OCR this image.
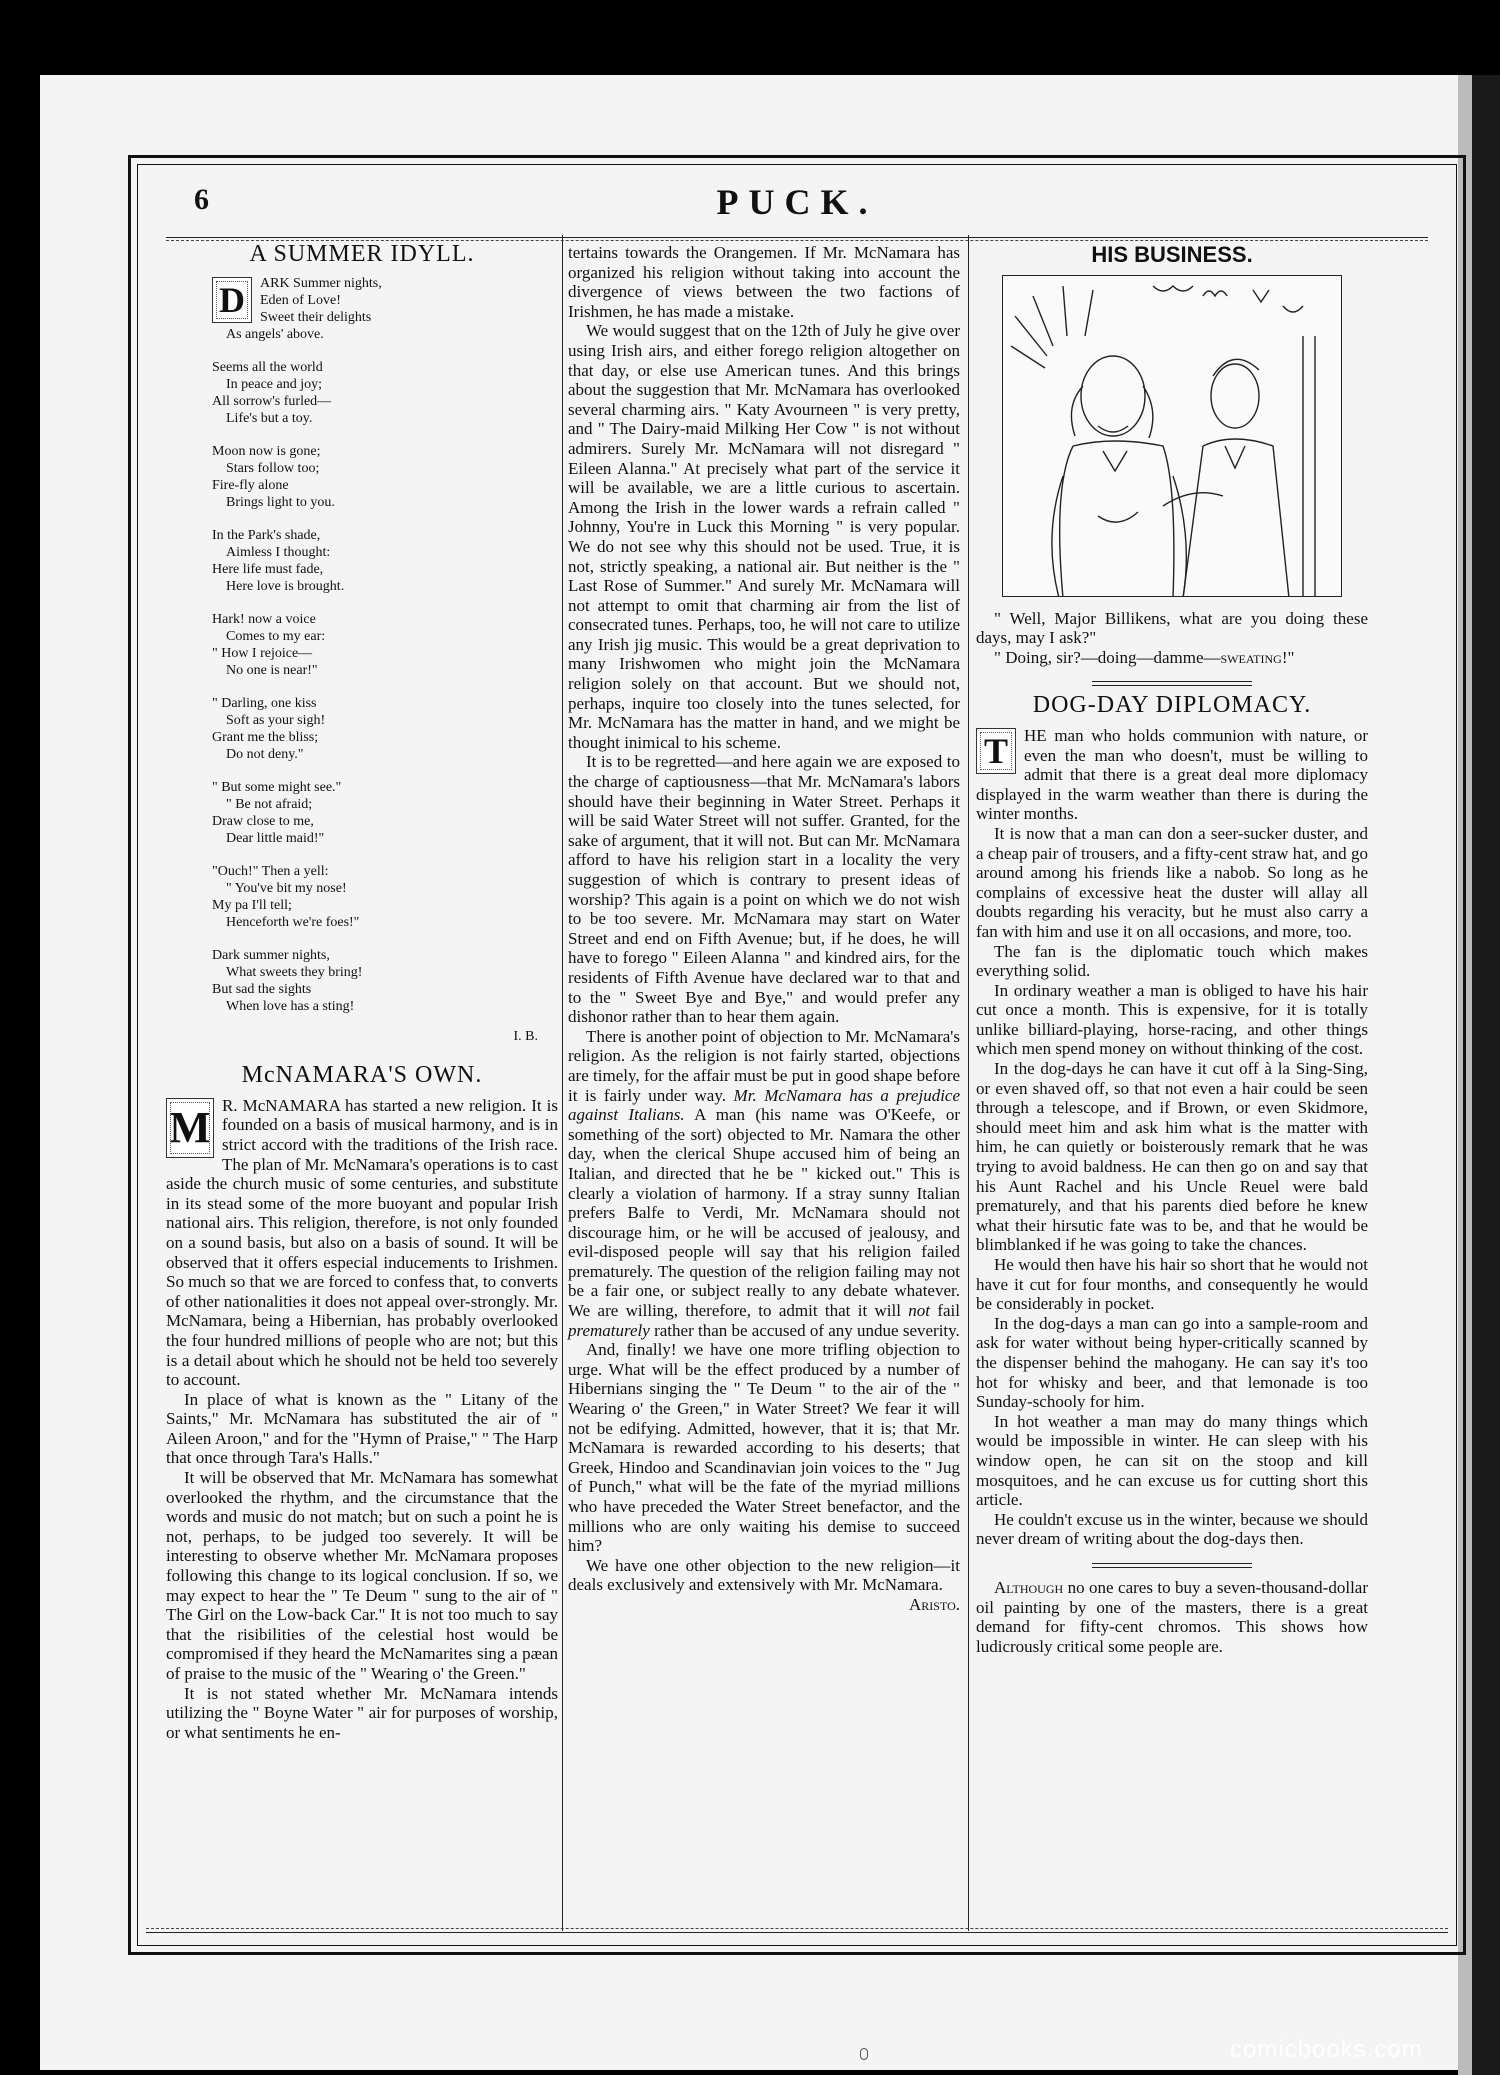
6	PUCK.
A SUMMER IDYLL.
D	ARK Summer nights,
Eden of Love!
Sweet their delights
As angels' above.
Seems all the world
In peace and joy;
All sorrow's furled—
Life's but a toy.
Moon now is gone;
Stars follow too;
Fire-fly alone
Brings light to you.
In the Park's shade,
Aimless I thought:
Here life must fade,
Here love is brought.
Hark! now a voice
Comes to my ear:
" How I rejoice—
No one is near!"
" Darling, one kiss
Soft as your sigh!
Grant me the bliss;
Do not deny."
" But some might see."
" Be not afraid;
Draw close to me,
Dear little maid!"
"Ouch!" Then a yell:
" You've bit my nose!
My pa I'll tell;
Henceforth we're foes!"
Dark summer nights,
What sweets they bring!
But sad the sights
When love has a sting!
I. B.
McNAMARA'S OWN.

M R. McNAMARA has started a new religion. It is founded on a basis of musical harmony, and is in strict accord with the traditions of the Irish race. The plan of Mr. McNamara's operations is to cast aside the church music of some centuries, and substitute in its stead some of the more buoyant and popular Irish national airs. This religion, therefore, is not only founded on a sound basis, but also on a basis of sound. It will be observed that it offers especial inducements to Irishmen. So much so that we are forced to confess that, to converts of other nationalities it does not appeal over-strongly. Mr. McNamara, being a Hibernian, has probably overlooked the four hundred millions of people who are not; but this is a detail about which he should not be held too severely to account.

In place of what is known as the " Litany of the Saints," Mr. McNamara has substituted the air of " Aileen Aroon," and for the "Hymn of Praise," " The Harp that once through Tara's Halls."

It will be observed that Mr. McNamara has somewhat overlooked the rhythm, and the circumstance that the words and music do not match; but on such a point he is not, perhaps, to be judged too severely. It will be interesting to observe whether Mr. McNamara proposes following this change to its logical conclusion. If so, we may expect to hear the " Te Deum " sung to the air of " The Girl on the Low-back Car." It is not too much to say that the risibilities of the celestial host would be compromised if they heard the McNamarites sing a pæan of praise to the music of the " Wearing o' the Green."

It is not stated whether Mr. McNamara intends utilizing the " Boyne Water " air for purposes of worship, or what sentiments he en-

tertains towards the Orangemen. If Mr. McNamara has organized his religion without taking into account the divergence of views between the two factions of Irishmen, he has made a mistake.

We would suggest that on the 12th of July he give over using Irish airs, and either forego religion altogether on that day, or else use American tunes. And this brings about the suggestion that Mr. McNamara has overlooked several charming airs. " Katy Avourneen " is very pretty, and " The Dairy-maid Milking Her Cow " is not without admirers. Surely Mr. McNamara will not disregard " Eileen Alanna." At precisely what part of the service it will be available, we are a little curious to ascertain. Among the Irish in the lower wards a refrain called " Johnny, You're in Luck this Morning " is very popular. We do not see why this should not be used. True, it is not, strictly speaking, a national air. But neither is the " Last Rose of Summer." And surely Mr. McNamara will not attempt to omit that charming air from the list of consecrated tunes. Perhaps, too, he will not care to utilize any Irish jig music. This would be a great deprivation to many Irishwomen who might join the McNamara religion solely on that account. But we should not, perhaps, inquire too closely into the tunes selected, for Mr. McNamara has the matter in hand, and we might be thought inimical to his scheme.

It is to be regretted—and here again we are exposed to the charge of captiousness—that Mr. McNamara's labors should have their beginning in Water Street. Perhaps it will be said Water Street will not suffer. Granted, for the sake of argument, that it will not. But can Mr. McNamara afford to have his religion start in a locality the very suggestion of which is contrary to present ideas of worship? This again is a point on which we do not wish to be too severe. Mr. McNamara may start on Water Street and end on Fifth Avenue; but, if he does, he will have to forego " Eileen Alanna " and kindred airs, for the residents of Fifth Avenue have declared war to that and to the " Sweet Bye and Bye," and would prefer any dishonor rather than to hear them again.

There is another point of objection to Mr. McNamara's religion. As the religion is not fairly started, objections are timely, for the affair must be put in good shape before it is fairly under way. Mr. McNamara has a prejudice against Italians. A man (his name was O'Keefe, or something of the sort) objected to Mr. Namara the other day, when the clerical Shupe accused him of being an Italian, and directed that he be " kicked out." This is clearly a violation of harmony. If a stray sunny Italian prefers Balfe to Verdi, Mr. McNamara should not discourage him, or he will be accused of jealousy, and evil-disposed people will say that his religion failed prematurely. The question of the religion failing may not be a fair one, or subject really to any debate whatever. We are willing, therefore, to admit that it will not fail prematurely rather than be accused of any undue severity.

And, finally! we have one more trifling objection to urge. What will be the effect produced by a number of Hibernians singing the " Te Deum " to the air of the " Wearing o' the Green," in Water Street? We fear it will not be edifying. Admitted, however, that it is; that Mr. McNamara is rewarded according to his deserts; that Greek, Hindoo and Scandinavian join voices to the " Jug of Punch," what will be the fate of the myriad millions who have preceded the Water Street benefactor, and the millions who are only waiting his demise to succeed him?

We have one other objection to the new religion—it deals exclusively and extensively with Mr. McNamara.
Aristo.

HIS BUSINESS.

" Well, Major Billikens, what are you doing these days, may I ask?"

" Doing, sir?—doing—damme—sweating!"

DOG-DAY DIPLOMACY.

T HE man who holds communion with nature, or even the man who doesn't, must be willing to admit that there is a great deal more diplomacy displayed in the warm weather than there is during the winter months.

It is now that a man can don a seer-sucker duster, and a cheap pair of trousers, and a fifty-cent straw hat, and go around among his friends like a nabob. So long as he complains of excessive heat the duster will allay all doubts regarding his veracity, but he must also carry a fan with him and use it on all occasions, and more, too.

The fan is the diplomatic touch which makes everything solid.

In ordinary weather a man is obliged to have his hair cut once a month. This is expensive, for it is totally unlike billiard-playing, horse-racing, and other things which men spend money on without thinking of the cost.

In the dog-days he can have it cut off à la Sing-Sing, or even shaved off, so that not even a hair could be seen through a telescope, and if Brown, or even Skidmore, should meet him and ask him what is the matter with him, he can quietly or boisterously remark that he was trying to avoid baldness. He can then go on and say that his Aunt Rachel and his Uncle Reuel were bald prematurely, and that his parents died before he knew what their hirsutic fate was to be, and that he would be blimblanked if he was going to take the chances.

He would then have his hair so short that he would not have it cut for four months, and consequently he would be considerably in pocket.

In the dog-days a man can go into a sample-room and ask for water without being hyper-critically scanned by the dispenser behind the mahogany. He can say it's too hot for whisky and beer, and that lemonade is too Sunday-schooly for him.

In hot weather a man may do many things which would be impossible in winter. He can sleep with his window open, he can sit on the stoop and kill mosquitoes, and he can excuse us for cutting short this article.

He couldn't excuse us in the winter, because we should never dream of writing about the dog-days then.

Although no one cares to buy a seven-thousand-dollar oil painting by one of the masters, there is a great demand for fifty-cent chromos. This shows how ludicrously critical some people are.

comicbooks.com
